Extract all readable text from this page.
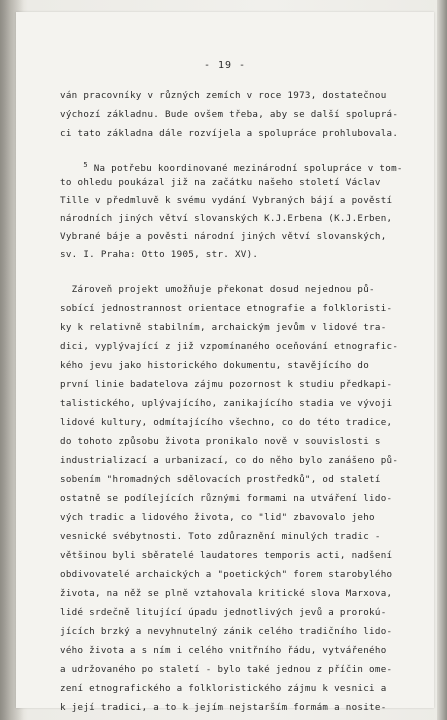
- 19 -
ván pracovníky v různých zemích v roce 1973, dostatečnou
výchozí základnu. Bude ovšem třeba, aby se další spoluprá-
ci tato základna dále rozvíjela a spolupráce prohlubovala.
$^5$ Na potřebu koordinované mezinárodní spolupráce v tom-
to ohledu poukázal již na začátku našeho století Václav
Tille v předmluvě k svému vydání Vybraných bájí a pověstí
národních jiných větví slovanských K.J.Erbena (K.J.Erben,
Vybrané báje a pověsti národní jiných větví slovanských,
sv. I. Praha: Otto 1905, str. XV).
Zároveň projekt umožňuje překonat dosud nejednou pů-
sobící jednostrannost orientace etnografie a folkloristi-
ky k relativně stabilním, archaickým jevům v lidové tra-
dici, vyplývající z již vzpomínaného oceňování etnografic-
kého jevu jako historického dokumentu, stavějícího do
první linie badatelova zájmu pozornost k studiu předkapi-
talistického, uplývajícího, zanikajícího stadia ve vývoji
lidové kultury, odmítajícího všechno, co do této tradice,
do tohoto způsobu života pronikalo nově v souvislosti s
industrializací a urbanizací, co do něho bylo zanášeno pů-
sobením "hromadných sdělovacích prostředků", od staletí
ostatně se podílejících různými formami na utváření lido-
vých tradic a lidového života, co "lid" zbavovalo jeho
vesnické svébytnosti. Toto zdůraznění minulých tradic -
většinou byli sběratelé laudatores temporis acti, nadšení
obdivovatelé archaických a "poetických" forem starobylého
života, na něž se plně vztahovala kritické slova Marxova,
lidé srdečně litující úpadu jednotlivých jevů a prorokú-
jících brzký a nevyhnutelný zánik celého tradičního lido-
vého života a s ním i celého vnitřního řádu, vytvářeného
a udržovaného po staletí - bylo také jednou z příčin ome-
zení etnografického a folkloristického zájmu k vesnici a
k její tradici, a to k jejím nejstarším formám a nosite-
